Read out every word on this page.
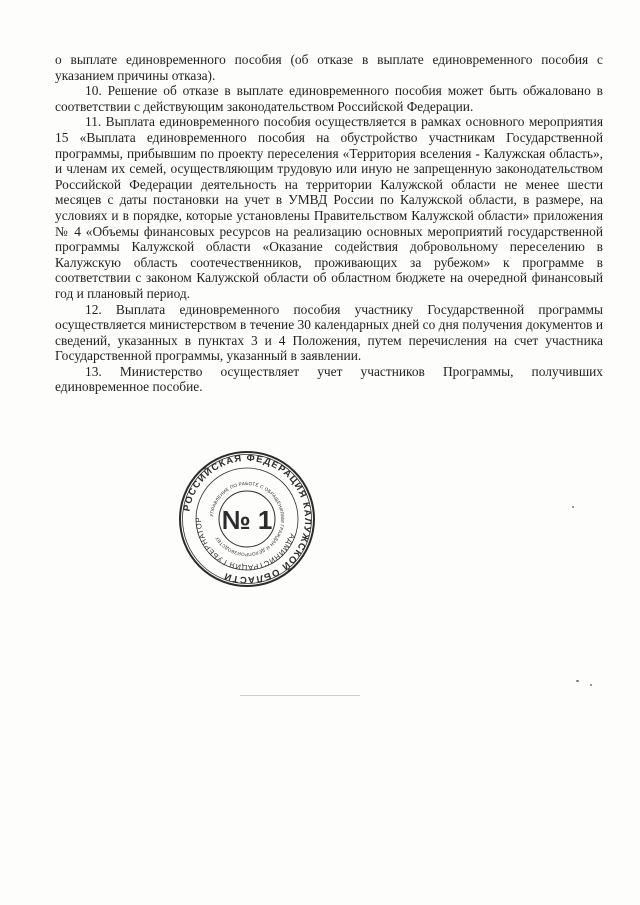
о выплате единовременного пособия (об отказе в выплате единовременного пособия с указанием причины отказа).

10. Решение об отказе в выплате единовременного пособия может быть обжаловано в соответствии с действующим законодательством Российской Федерации.

11. Выплата единовременного пособия осуществляется в рамках основного мероприятия 15 «Выплата единовременного пособия на обустройство участникам Государственной программы, прибывшим по проекту переселения «Территория вселения - Калужская область», и членам их семей, осуществляющим трудовую или иную не запрещенную законодательством Российской Федерации деятельность на территории Калужской области не менее шести месяцев с даты постановки на учет в УМВД России по Калужской области, в размере, на условиях и в порядке, которые установлены Правительством Калужской области» приложения № 4 «Объемы финансовых ресурсов на реализацию основных мероприятий государственной программы Калужской области «Оказание содействия добровольному переселению в Калужскую область соотечественников, проживающих за рубежом» к программе в соответствии с законом Калужской области об областном бюджете на очередной финансовый год и плановый период.

12. Выплата единовременного пособия участнику Государственной программы осуществляется министерством в течение 30 календарных дней со дня получения документов и сведений, указанных в пунктах 3 и 4 Положения, путем перечисления на счет участника Государственной программы, указанный в заявлении.

13. Министерство осуществляет учет участников Программы, получивших единовременное пособие.

РОССИЙСКАЯ ФЕДЕРАЦИЯ КАЛУЖСКОЙ ОБЛАСТИ
АДМИНИСТРАЦИЯ ГУБЕРНАТОР
УПРАВЛЕНИЕ ПО РАБОТЕ С ОБРАЩЕНИЯМИ ГРАЖДАН И ДЕЛОПРОИЗВОДСТВУ
№ 1
